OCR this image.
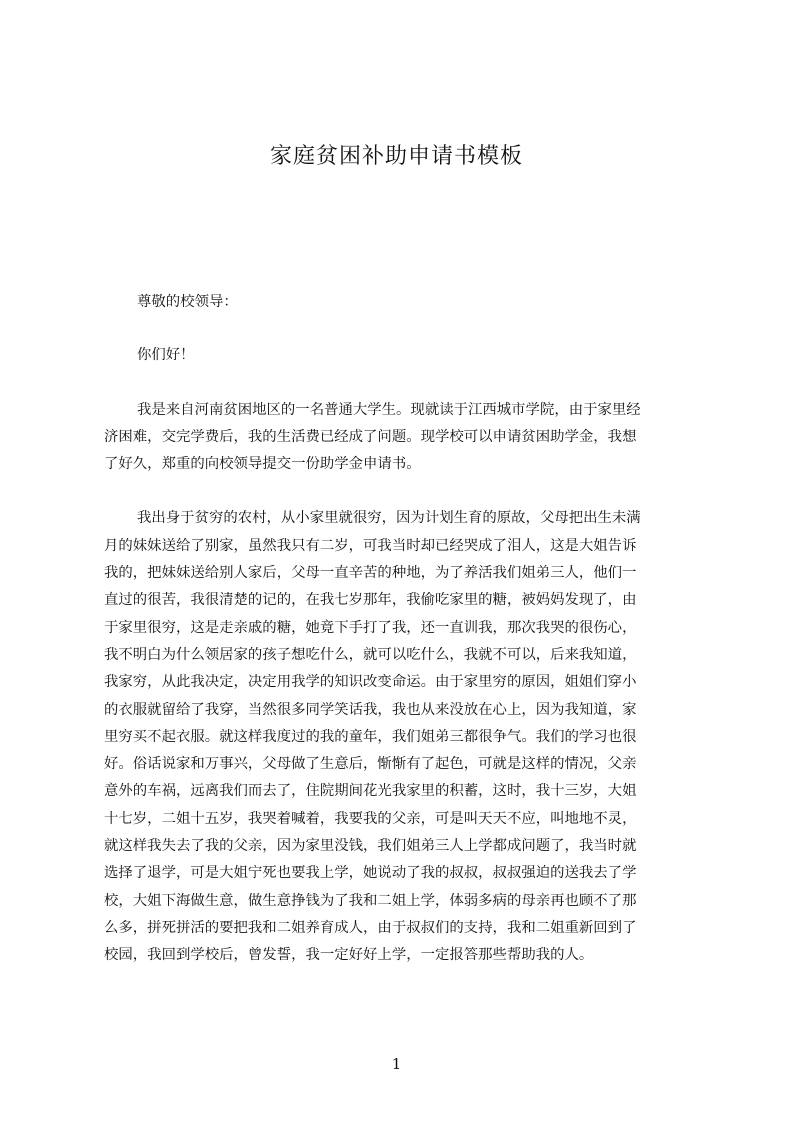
家庭贫困补助申请书模板
尊敬的校领导：
你们好！
我是来自河南贫困地区的一名普通大学生。现就读于江西城市学院，由于家里经
济困难，交完学费后，我的生活费已经成了问题。现学校可以申请贫困助学金，我想
了好久，郑重的向校领导提交一份助学金申请书。
我出身于贫穷的农村，从小家里就很穷，因为计划生育的原故，父母把出生未满
月的妹妹送给了别家，虽然我只有二岁，可我当时却已经哭成了泪人，这是大姐告诉
我的，把妹妹送给别人家后，父母一直辛苦的种地，为了养活我们姐弟三人，他们一
直过的很苦，我很清楚的记的，在我七岁那年，我偷吃家里的糖，被妈妈发现了，由
于家里很穷，这是走亲戚的糖，她竟下手打了我，还一直训我，那次我哭的很伤心，
我不明白为什么领居家的孩子想吃什么，就可以吃什么，我就不可以，后来我知道，
我家穷，从此我决定，决定用我学的知识改变命运。由于家里穷的原因，姐姐们穿小
的衣服就留给了我穿，当然很多同学笑话我，我也从来没放在心上，因为我知道，家
里穷买不起衣服。就这样我度过的我的童年，我们姐弟三都很争气。我们的学习也很
好。俗话说家和万事兴，父母做了生意后，惭惭有了起色，可就是这样的情况，父亲
意外的车祸，远离我们而去了，住院期间花光我家里的积蓄，这时，我十三岁，大姐
十七岁，二姐十五岁，我哭着喊着，我要我的父亲，可是叫天天不应，叫地地不灵，
就这样我失去了我的父亲，因为家里没钱，我们姐弟三人上学都成问题了，我当时就
选择了退学，可是大姐宁死也要我上学，她说动了我的叔叔，叔叔强迫的送我去了学
校，大姐下海做生意，做生意挣钱为了我和二姐上学，体弱多病的母亲再也顾不了那
么多，拼死拼活的要把我和二姐养育成人，由于叔叔们的支持，我和二姐重新回到了
校园，我回到学校后，曾发誓，我一定好好上学，一定报答那些帮助我的人。
1
